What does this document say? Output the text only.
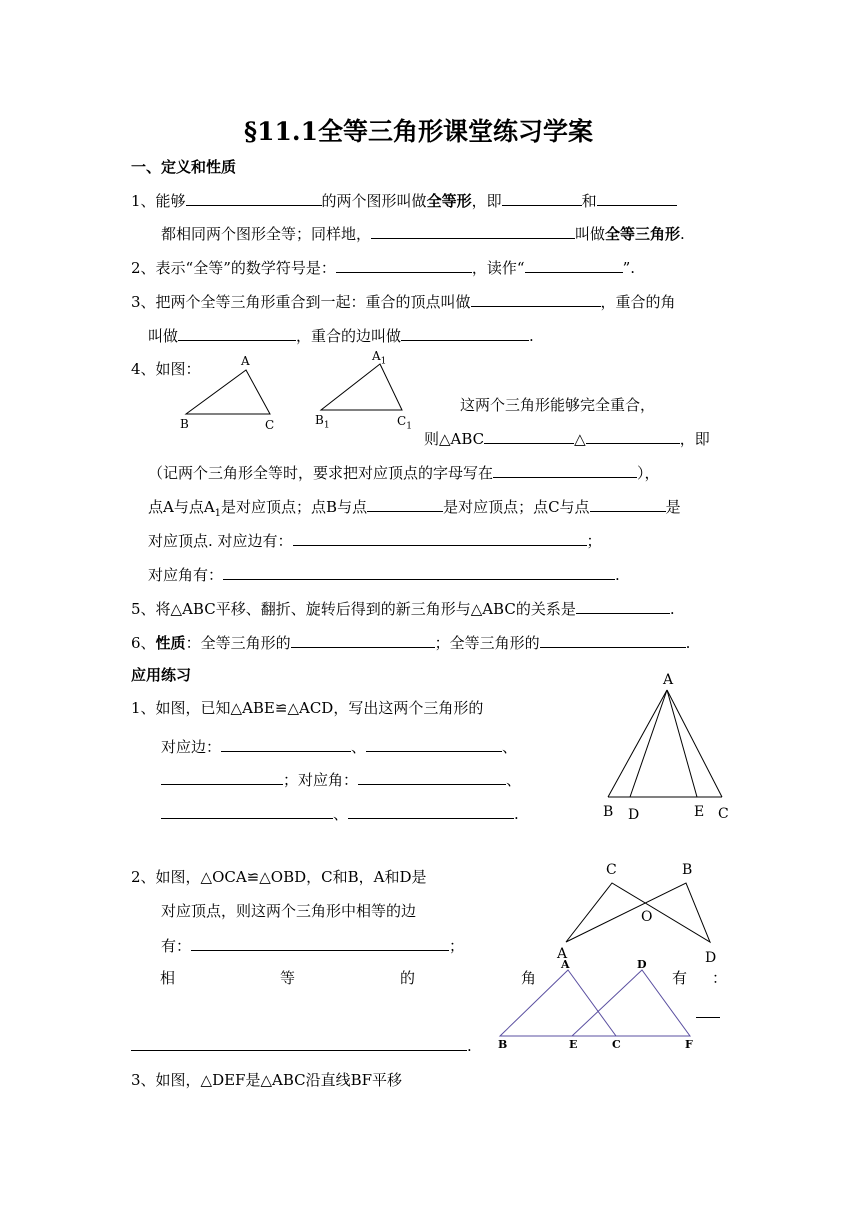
§11.1全等三角形课堂练习学案
一、定义和性质
1、能够	的两个图形叫做全等形，即	和
都相同两个图形全等；同样地，	叫做全等三角形.
2、表示“全等”的数学符号是：	，读作“	”.
3、把两个全等三角形重合到一起：重合的顶点叫做	，重合的角
叫做	，重合的边叫做	.
4、如图：	A
B	C
$A_1$
$B_1$	$C_1$
这两个三角形能够完全重合，
则△ABC	△	，即
（记两个三角形全等时，要求把对应顶点的字母写在	），
点A与点$A_1$是对应顶点；点B与点	是对应顶点；点C与点	是
对应顶点. 对应边有：	；
对应角有：	.
5、将△ABC平移、翻折、旋转后得到的新三角形与△ABC的关系是	.
6、性质：全等三角形的	；全等三角形的	.
应用练习
1、如图，已知△ABE≌△ACD，写出这两个三角形的
对应边：	、	、
；对应角：	、
、	.
A
B D	E C
2、如图，△OCA≌△OBD，C和B，A和D是
对应顶点，则这两个三角形中相等的边
有：	；
相	等	的	角	有 ：
.
C	B
O
A	D
A	D
B	E	C	F
3、如图，△DEF是△ABC沿直线BF平移
